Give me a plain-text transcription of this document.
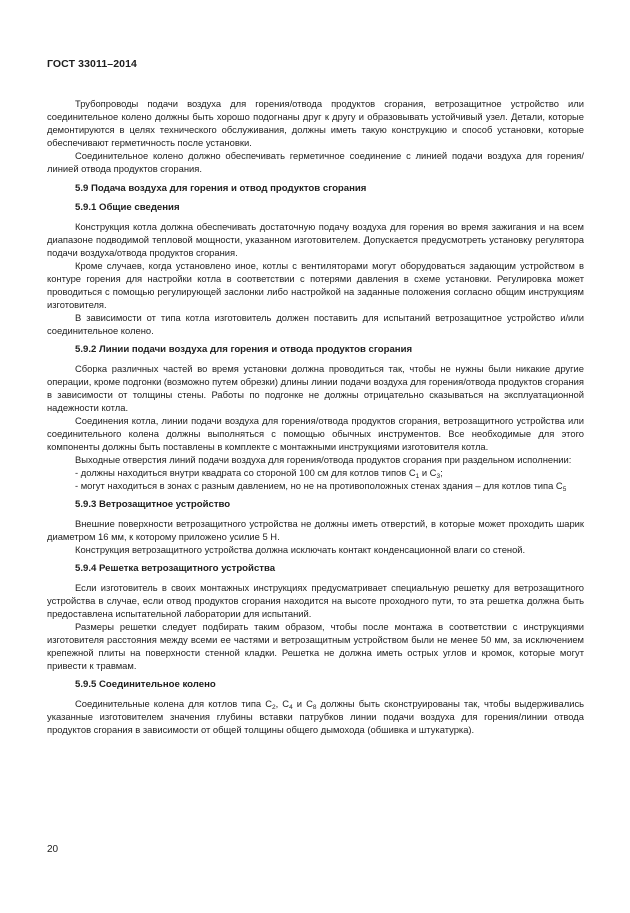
ГОСТ 33011–2014

Трубопроводы подачи воздуха для горения/отвода продуктов сгорания, ветрозащитное устройство или соединительное колено должны быть хорошо подогнаны друг к другу и образовывать устойчивый узел. Детали, которые демонтируются в целях технического обслуживания, должны иметь такую конструкцию и способ установки, которые обеспечивают герметичность после установки.

Соединительное колено должно обеспечивать герметичное соединение с линией подачи воздуха для горения/линией отвода продуктов сгорания.

5.9 Подача воздуха для горения и отвод продуктов сгорания
5.9.1 Общие сведения

Конструкция котла должна обеспечивать достаточную подачу воздуха для горения во время зажигания и на всем диапазоне подводимой тепловой мощности, указанном изготовителем. Допускается предусмотреть установку регулятора подачи воздуха/отвода продуктов сгорания.

Кроме случаев, когда установлено иное, котлы с вентиляторами могут оборудоваться задающим устройством в контуре горения для настройки котла в соответствии с потерями давления в схеме установки. Регулировка может проводиться с помощью регулирующей заслонки либо настройкой на заданные положения согласно общим инструкциям изготовителя.

В зависимости от типа котла изготовитель должен поставить для испытаний ветрозащитное устройство и/или соединительное колено.

5.9.2 Линии подачи воздуха для горения и отвода продуктов сгорания

Сборка различных частей во время установки должна проводиться так, чтобы не нужны были никакие другие операции, кроме подгонки (возможно путем обрезки) длины линии подачи воздуха для горения/отвода продуктов сгорания в зависимости от толщины стены. Работы по подгонке не должны отрицательно сказываться на эксплуатационной надежности котла.

Соединения котла, линии подачи воздуха для горения/отвода продуктов сгорания, ветрозащитного устройства или соединительного колена должны выполняться с помощью обычных инструментов. Все необходимые для этого компоненты должны быть поставлены в комплекте с монтажными инструкциями изготовителя котла.

Выходные отверстия линий подачи воздуха для горения/отвода продуктов сгорания при раздельном исполнении:

- должны находиться внутри квадрата со стороной 100 см для котлов типов $С_1$ и $С_3$;

- могут находиться в зонах с разным давлением, но не на противоположных стенах здания – для котлов типа $С_5$

5.9.3 Ветрозащитное устройство

Внешние поверхности ветрозащитного устройства не должны иметь отверстий, в которые может проходить шарик диаметром 16 мм, к которому приложено усилие 5 Н.

Конструкция ветрозащитного устройства должна исключать контакт конденсационной влаги со стеной.

5.9.4 Решетка ветрозащитного устройства

Если изготовитель в своих монтажных инструкциях предусматривает специальную решетку для ветрозащитного устройства в случае, если отвод продуктов сгорания находится на высоте проходного пути, то эта решетка должна быть предоставлена испытательной лаборатории для испытаний.

Размеры решетки следует подбирать таким образом, чтобы после монтажа в соответствии с инструкциями изготовителя расстояния между всеми ее частями и ветрозащитным устройством были не менее 50 мм, за исключением крепежной плиты на поверхности стенной кладки. Решетка не должна иметь острых углов и кромок, которые могут привести к травмам.

5.9.5 Соединительное колено

Соединительные колена для котлов типа $С_2$, $С_4$ и $С_8$ должны быть сконструированы так, чтобы выдерживались указанные изготовителем значения глубины вставки патрубков линии подачи воздуха для горения/линии отвода продуктов сгорания в зависимости от общей толщины общего дымохода (обшивка и штукатурка).

20
